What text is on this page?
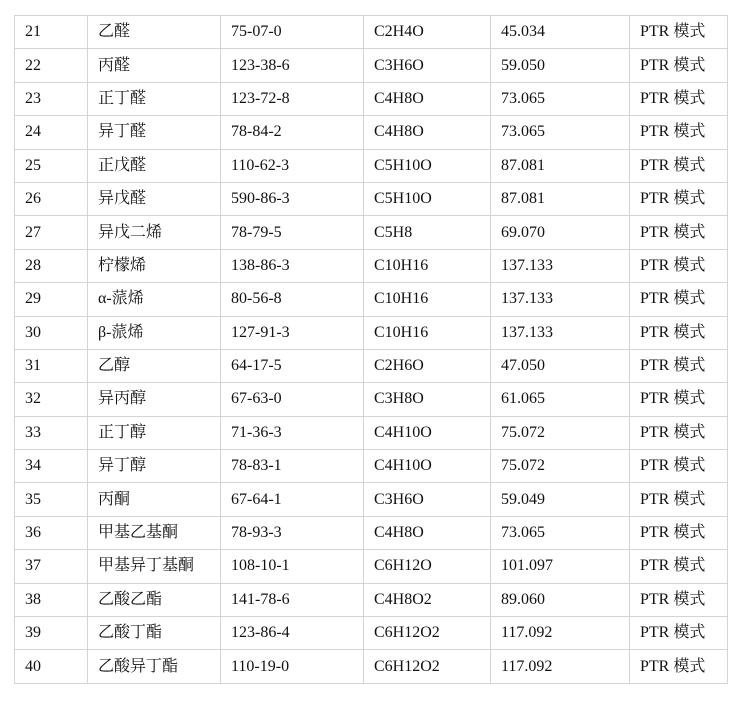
21	乙醛	75-07-0	C2H4O	45.034	PTR 模式
22	丙醛	123-38-6	C3H6O	59.050	PTR 模式
23	正丁醛	123-72-8	C4H8O	73.065	PTR 模式
24	异丁醛	78-84-2	C4H8O	73.065	PTR 模式
25	正戊醛	110-62-3	C5H10O	87.081	PTR 模式
26	异戊醛	590-86-3	C5H10O	87.081	PTR 模式
27	异戊二烯	78-79-5	C5H8	69.070	PTR 模式
28	柠檬烯	138-86-3	C10H16	137.133	PTR 模式
29	α-蒎烯	80-56-8	C10H16	137.133	PTR 模式
30	β-蒎烯	127-91-3	C10H16	137.133	PTR 模式
31	乙醇	64-17-5	C2H6O	47.050	PTR 模式
32	异丙醇	67-63-0	C3H8O	61.065	PTR 模式
33	正丁醇	71-36-3	C4H10O	75.072	PTR 模式
34	异丁醇	78-83-1	C4H10O	75.072	PTR 模式
35	丙酮	67-64-1	C3H6O	59.049	PTR 模式
36	甲基乙基酮	78-93-3	C4H8O	73.065	PTR 模式
37	甲基异丁基酮	108-10-1	C6H12O	101.097	PTR 模式
38	乙酸乙酯	141-78-6	C4H8O2	89.060	PTR 模式
39	乙酸丁酯	123-86-4	C6H12O2	117.092	PTR 模式
40	乙酸异丁酯	110-19-0	C6H12O2	117.092	PTR 模式
